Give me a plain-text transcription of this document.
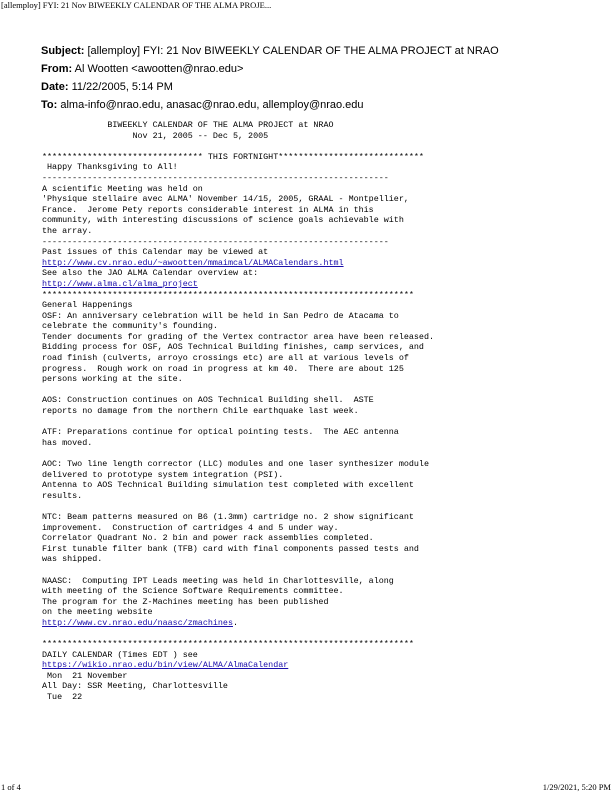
[allemploy] FYI: 21 Nov BIWEEKLY CALENDAR OF THE ALMA PROJE...
Subject: [allemploy] FYI: 21 Nov BIWEEKLY CALENDAR OF THE ALMA PROJECT at NRAO
From: Al Wootten <awootten@nrao.edu>
Date: 11/22/2005, 5:14 PM
To: alma-info@nrao.edu, anasac@nrao.edu, allemploy@nrao.edu
BIWEEKLY CALENDAR OF THE ALMA PROJECT at NRAO
Nov 21, 2005 -- Dec 5, 2005

******************************** THIS FORTNIGHT*****************************
Happy Thanksgiving to All!
---------------------------------------------------------------------
A scientific Meeting was held on
'Physique stellaire avec ALMA' November 14/15, 2005, GRAAL - Montpellier,
France.  Jerome Pety reports considerable interest in ALMA in this
community, with interesting discussions of science goals achievable with
the array.
---------------------------------------------------------------------
Past issues of this Calendar may be viewed at
http://www.cv.nrao.edu/~awootten/mmaimcal/ALMACalendars.html
See also the JAO ALMA Calendar overview at:
http://www.alma.cl/alma_project
**************************************************************************
General Happenings
OSF: An anniversary celebration will be held in San Pedro de Atacama to
celebrate the community's founding.
Tender documents for grading of the Vertex contractor area have been released.
Bidding process for OSF, AOS Technical Building finishes, camp services, and
road finish (culverts, arroyo crossings etc) are all at various levels of
progress.  Rough work on road in progress at km 40.  There are about 125
persons working at the site.

AOS: Construction continues on AOS Technical Building shell.  ASTE
reports no damage from the northern Chile earthquake last week.

ATF: Preparations continue for optical pointing tests.  The AEC antenna
has moved.

AOC: Two line length corrector (LLC) modules and one laser synthesizer module
delivered to prototype system integration (PSI).
Antenna to AOS Technical Building simulation test completed with excellent
results.

NTC: Beam patterns measured on B6 (1.3mm) cartridge no. 2 show significant
improvement.  Construction of cartridges 4 and 5 under way.
Correlator Quadrant No. 2 bin and power rack assemblies completed.
First tunable filter bank (TFB) card with final components passed tests and
was shipped.

NAASC:  Computing IPT Leads meeting was held in Charlottesville, along
with meeting of the Science Software Requirements committee.
The program for the Z-Machines meeting has been published
on the meeting website
http://www.cv.nrao.edu/naasc/zmachines.

**************************************************************************
DAILY CALENDAR (Times EDT ) see
https://wikio.nrao.edu/bin/view/ALMA/AlmaCalendar
Mon  21 November
All Day: SSR Meeting, Charlottesville
Tue  22
1 of 4	1/29/2021, 5:20 PM
